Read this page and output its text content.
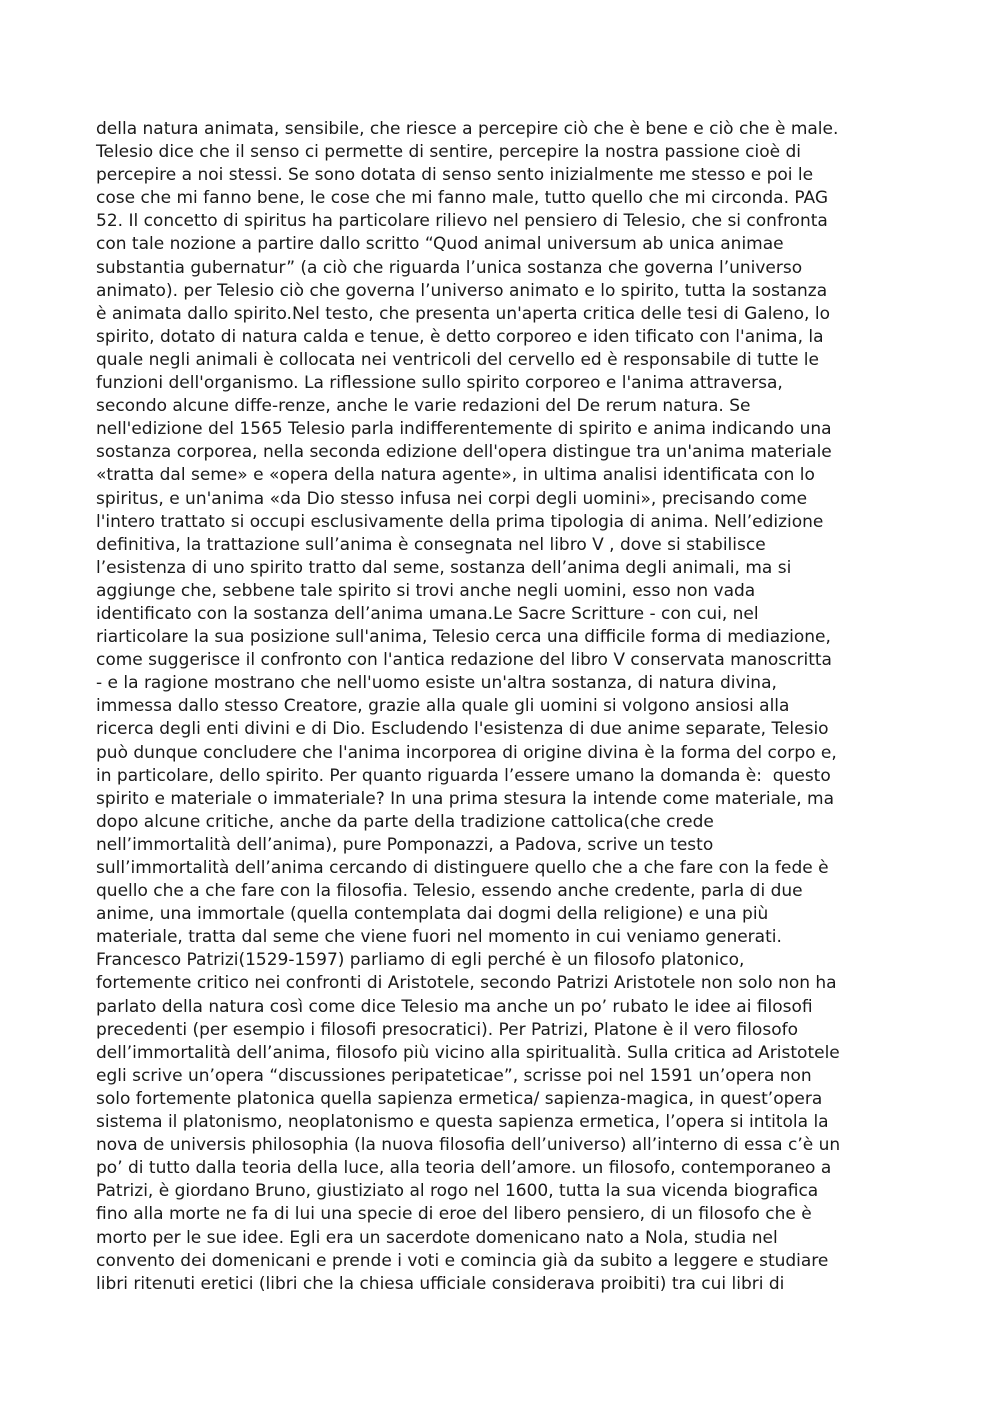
della natura animata, sensibile, che riesce a percepire ciò che è bene e ciò che è male.
Telesio dice che il senso ci permette di sentire, percepire la nostra passione cioè di
percepire a noi stessi. Se sono dotata di senso sento inizialmente me stesso e poi le
cose che mi fanno bene, le cose che mi fanno male, tutto quello che mi circonda. PAG
52. Il concetto di spiritus ha particolare rilievo nel pensiero di Telesio, che si confronta
con tale nozione a partire dallo scritto “Quod animal universum ab unica animae
substantia gubernatur” (a ciò che riguarda l’unica sostanza che governa l’universo
animato). per Telesio ciò che governa l’universo animato e lo spirito, tutta la sostanza
è animata dallo spirito.Nel testo, che presenta un'aperta critica delle tesi di Galeno, lo
spirito, dotato di natura calda e tenue, è detto corporeo e iden tificato con l'anima, la
quale negli animali è collocata nei ventricoli del cervello ed è responsabile di tutte le
funzioni dell'organismo. La riflessione sullo spirito corporeo e l'anima attraversa,
secondo alcune diffe-renze, anche le varie redazioni del De rerum natura. Se
nell'edizione del 1565 Telesio parla indifferentemente di spirito e anima indicando una
sostanza corporea, nella seconda edizione dell'opera distingue tra un'anima materiale
«tratta dal seme» e «opera della natura agente», in ultima analisi identificata con lo
spiritus, e un'anima «da Dio stesso infusa nei corpi degli uomini», precisando come
l'intero trattato si occupi esclusivamente della prima tipologia di anima. Nell’edizione
definitiva, la trattazione sull’anima è consegnata nel libro V , dove si stabilisce
l’esistenza di uno spirito tratto dal seme, sostanza dell’anima degli animali, ma si
aggiunge che, sebbene tale spirito si trovi anche negli uomini, esso non vada
identificato con la sostanza dell’anima umana.Le Sacre Scritture - con cui, nel
riarticolare la sua posizione sull'anima, Telesio cerca una difficile forma di mediazione,
come suggerisce il confronto con l'antica redazione del libro V conservata manoscritta
- e la ragione mostrano che nell'uomo esiste un'altra sostanza, di natura divina,
immessa dallo stesso Creatore, grazie alla quale gli uomini si volgono ansiosi alla
ricerca degli enti divini e di Dio. Escludendo l'esistenza di due anime separate, Telesio
può dunque concludere che l'anima incorporea di origine divina è la forma del corpo e,
in particolare, dello spirito. Per quanto riguarda l’essere umano la domanda è:  questo
spirito e materiale o immateriale? In una prima stesura la intende come materiale, ma
dopo alcune critiche, anche da parte della tradizione cattolica(che crede
nell’immortalità dell’anima), pure Pomponazzi, a Padova, scrive un testo
sull’immortalità dell’anima cercando di distinguere quello che a che fare con la fede è
quello che a che fare con la filosofia. Telesio, essendo anche credente, parla di due
anime, una immortale (quella contemplata dai dogmi della religione) e una più
materiale, tratta dal seme che viene fuori nel momento in cui veniamo generati.
Francesco Patrizi(1529-1597) parliamo di egli perché è un filosofo platonico,
fortemente critico nei confronti di Aristotele, secondo Patrizi Aristotele non solo non ha
parlato della natura così come dice Telesio ma anche un po’ rubato le idee ai filosofi
precedenti (per esempio i filosofi presocratici). Per Patrizi, Platone è il vero filosofo
dell’immortalità dell’anima, filosofo più vicino alla spiritualità. Sulla critica ad Aristotele
egli scrive un’opera “discussiones peripateticae”, scrisse poi nel 1591 un’opera non
solo fortemente platonica quella sapienza ermetica/ sapienza-magica, in quest’opera
sistema il platonismo, neoplatonismo e questa sapienza ermetica, l’opera si intitola la
nova de universis philosophia (la nuova filosofia dell’universo) all’interno di essa c’è un
po’ di tutto dalla teoria della luce, alla teoria dell’amore. un filosofo, contemporaneo a
Patrizi, è giordano Bruno, giustiziato al rogo nel 1600, tutta la sua vicenda biografica
fino alla morte ne fa di lui una specie di eroe del libero pensiero, di un filosofo che è
morto per le sue idee. Egli era un sacerdote domenicano nato a Nola, studia nel
convento dei domenicani e prende i voti e comincia già da subito a leggere e studiare
libri ritenuti eretici (libri che la chiesa ufficiale considerava proibiti) tra cui libri di
